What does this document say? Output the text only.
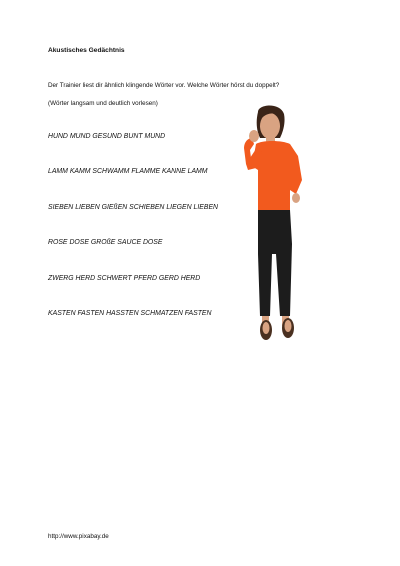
Akustisches Gedächtnis
Der Trainier liest dir ähnlich klingende Wörter vor. Welche Wörter hörst du doppelt?
(Wörter langsam und deutlich vorlesen)
HUND MUND GESUND BUNT MUND
LAMM KAMM SCHWAMM FLAMME KANNE LAMM
SIEBEN LIEBEN GIEßEN SCHIEBEN LIEGEN LIEBEN
ROSE DOSE GROßE SAUCE DOSE
ZWERG HERD SCHWERT PFERD GERD HERD
KASTEN FASTEN HASSTEN SCHMATZEN FASTEN
http://www.pixabay.de
